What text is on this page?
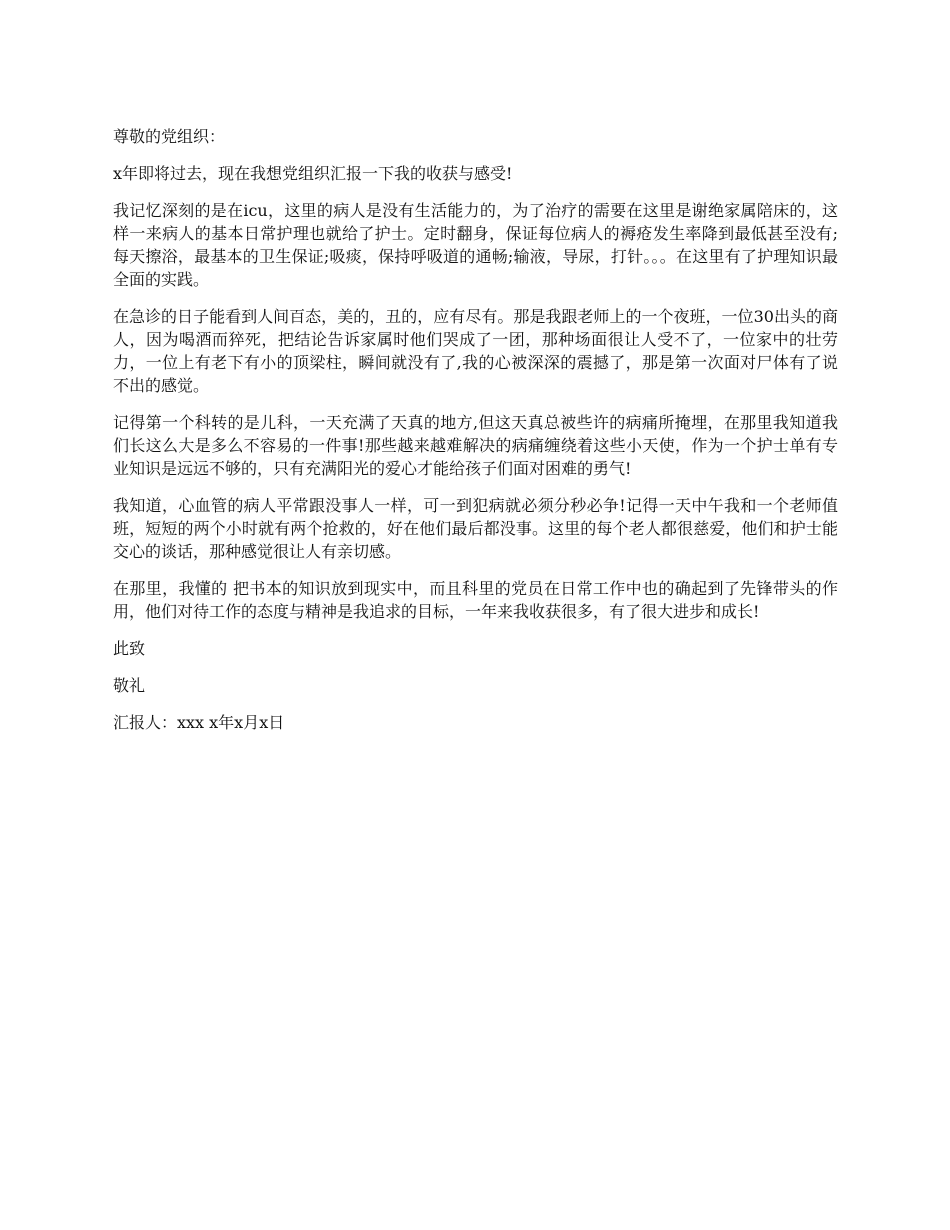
尊敬的党组织：

x年即将过去，现在我想党组织汇报一下我的收获与感受!

我记忆深刻的是在icu，这里的病人是没有生活能力的，为了治疗的需要在这里是谢绝家属陪床的，这样一来病人的基本日常护理也就给了护士。定时翻身，保证每位病人的褥疮发生率降到最低甚至没有;每天擦浴，最基本的卫生保证;吸痰，保持呼吸道的通畅;输液，导尿，打针。。。在这里有了护理知识最全面的实践。

在急诊的日子能看到人间百态，美的，丑的，应有尽有。那是我跟老师上的一个夜班，一位30出头的商人，因为喝酒而猝死，把结论告诉家属时他们哭成了一团，那种场面很让人受不了，一位家中的壮劳力，一位上有老下有小的顶梁柱，瞬间就没有了,我的心被深深的震撼了，那是第一次面对尸体有了说不出的感觉。

记得第一个科转的是儿科，一天充满了天真的地方,但这天真总被些许的病痛所掩埋，在那里我知道我们长这么大是多么不容易的一件事!那些越来越难解决的病痛缠绕着这些小天使，作为一个护士单有专业知识是远远不够的，只有充满阳光的爱心才能给孩子们面对困难的勇气!

我知道，心血管的病人平常跟没事人一样，可一到犯病就必须分秒必争!记得一天中午我和一个老师值班，短短的两个小时就有两个抢救的，好在他们最后都没事。这里的每个老人都很慈爱，他们和护士能交心的谈话，那种感觉很让人有亲切感。

在那里，我懂的 把书本的知识放到现实中，而且科里的党员在日常工作中也的确起到了先锋带头的作用，他们对待工作的态度与精神是我追求的目标，一年来我收获很多，有了很大进步和成长!

此致

敬礼

汇报人：xxx x年x月x日
